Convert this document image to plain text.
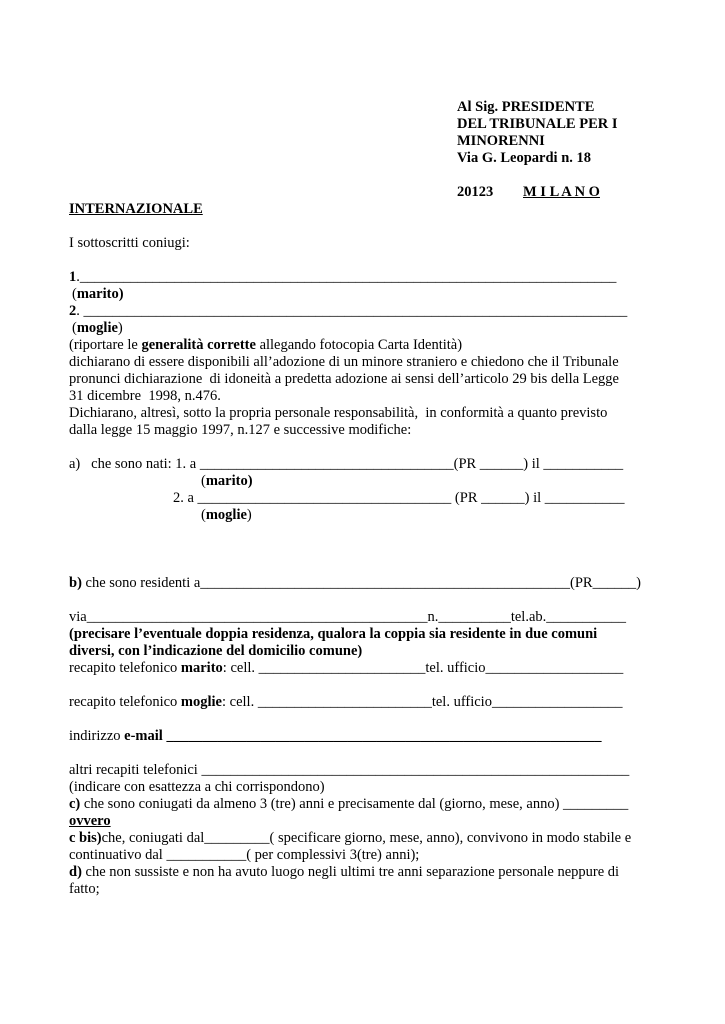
Al Sig. PRESIDENTE
DEL TRIBUNALE PER I
MINORENNI
Via G. Leopardi n. 18
20123 M I L A N O
INTERNAZIONALE
I sottoscritti coniugi:
1.__________________________________________________________________________
(marito)
2. ___________________________________________________________________________
(moglie)
(riportare le generalità corrette allegando fotocopia Carta Identità)
dichiarano di essere disponibili all’adozione di un minore straniero e chiedono che il Tribunale
pronunci dichiarazione  di idoneità a predetta adozione ai sensi dell’articolo 29 bis della Legge
31 dicembre  1998, n.476.
Dichiarano, altresì, sotto la propria personale responsabilità,  in conformità a quanto previsto
dalla legge 15 maggio 1997, n.127 e successive modifiche:
a)   che sono nati: 1. a ___________________________________(PR ______) il ___________
(marito)
2. a ___________________________________ (PR ______) il ___________
(moglie)
b) che sono residenti a___________________________________________________(PR______)
via_______________________________________________n.__________tel.ab.___________
(precisare l’eventuale doppia residenza, qualora la coppia sia residente in due comuni
diversi, con l’indicazione del domicilio comune)
recapito telefonico marito: cell. _______________________tel. ufficio___________________
recapito telefonico moglie: cell. ________________________tel. ufficio__________________
indirizzo e-mail ____________________________________________________________
altri recapiti telefonici ___________________________________________________________
(indicare con esattezza a chi corrispondono)
c) che sono coniugati da almeno 3 (tre) anni e precisamente dal (giorno, mese, anno) _________
ovvero
c bis)che, coniugati dal_________( specificare giorno, mese, anno), convivono in modo stabile e
continuativo dal ___________( per complessivi 3(tre) anni);
d) che non sussiste e non ha avuto luogo negli ultimi tre anni separazione personale neppure di
fatto;
